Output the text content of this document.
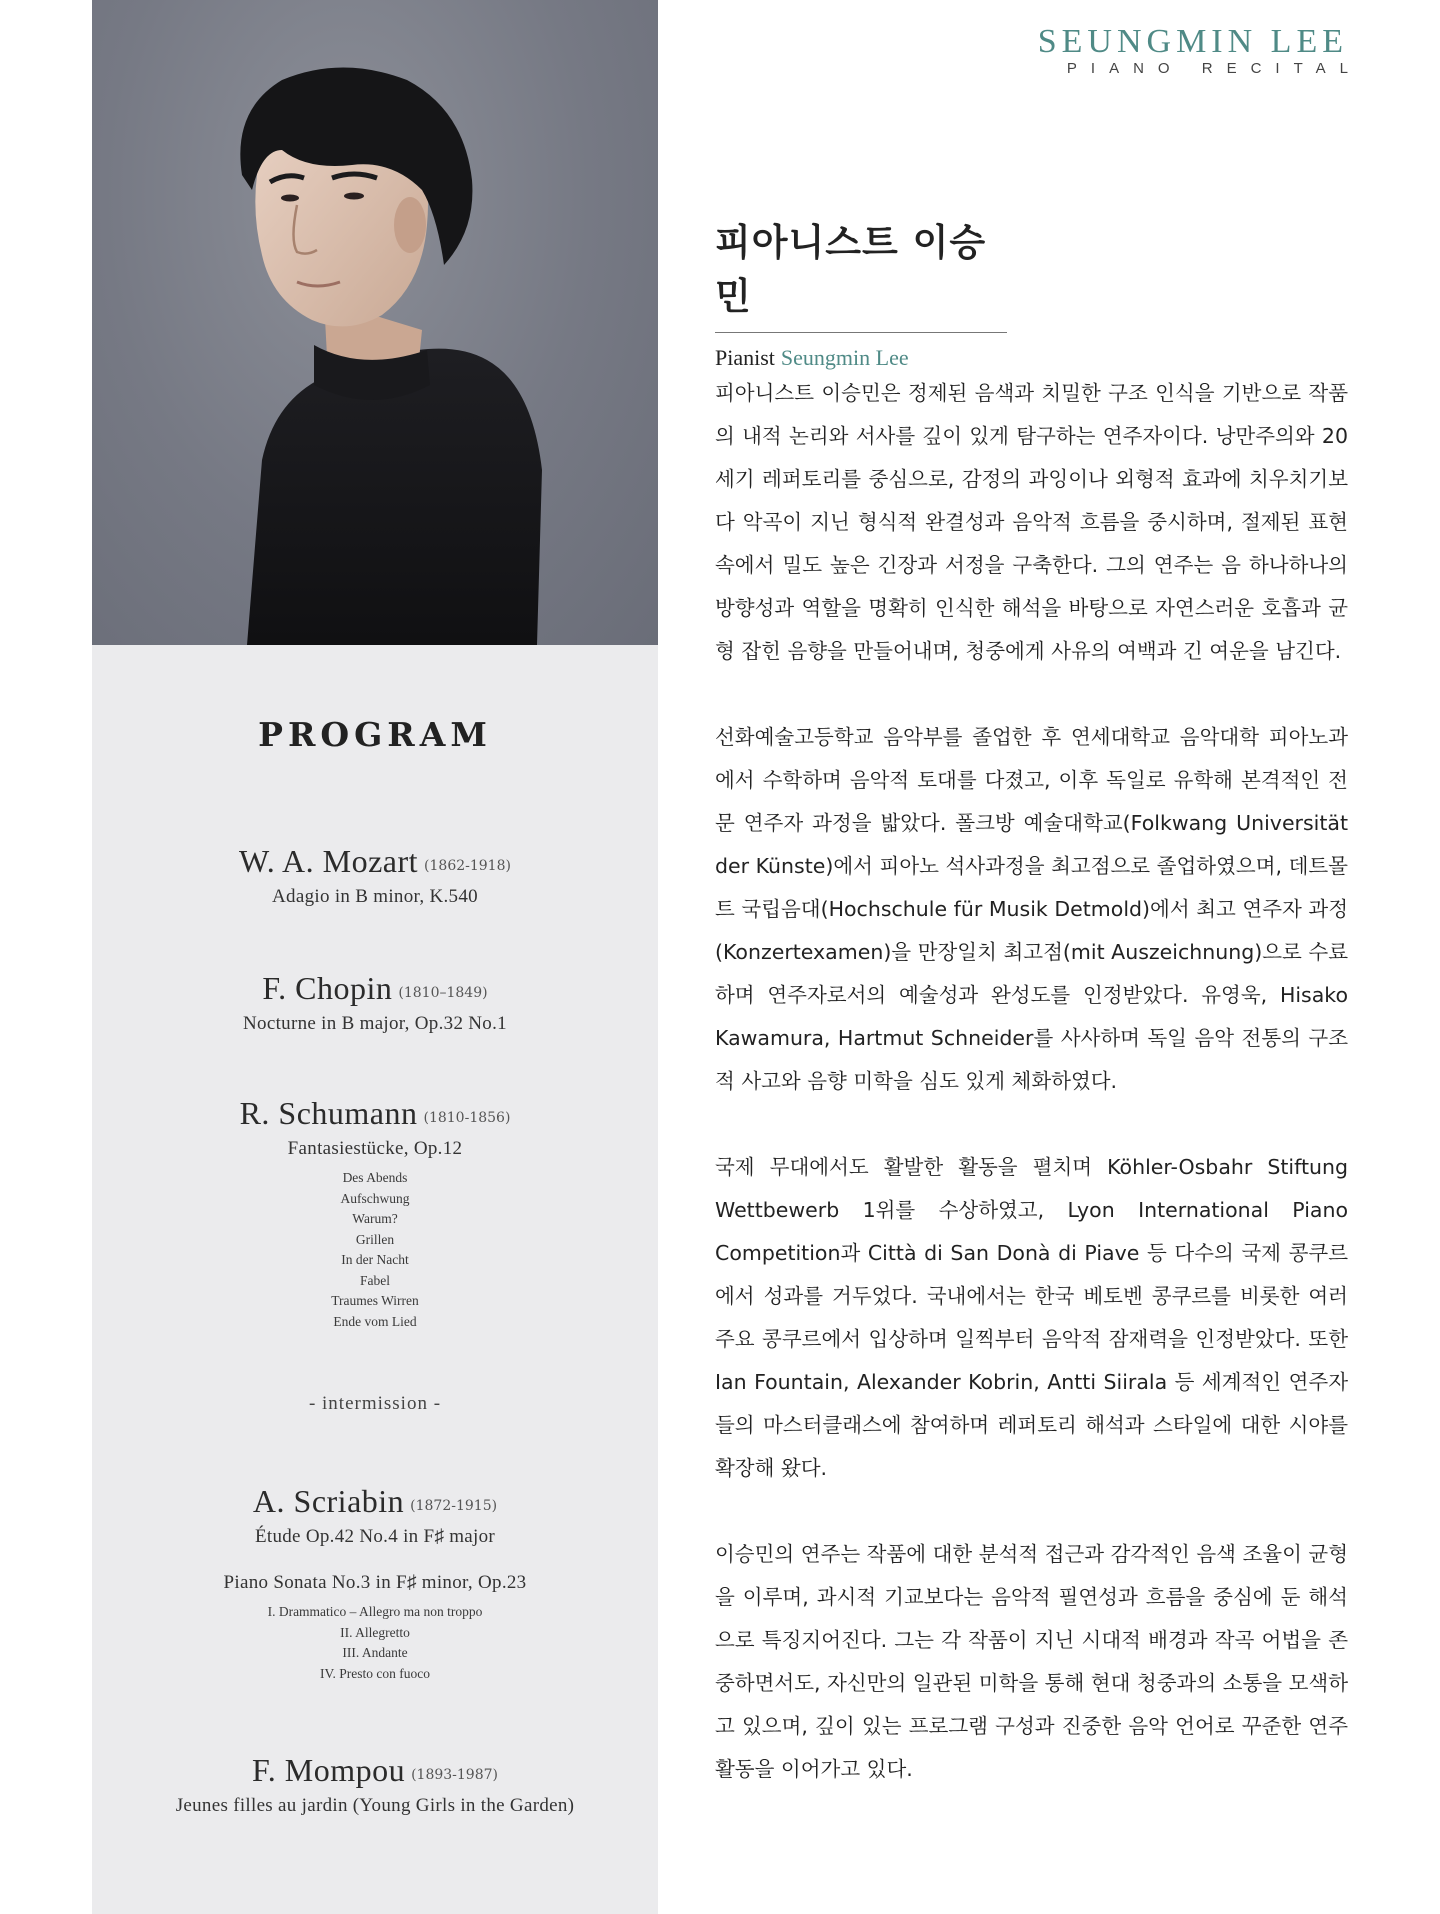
PROGRAM
W. A. Mozart (1862-1918)
Adagio in B minor, K.540
F. Chopin (1810–1849)
Nocturne in B major, Op.32 No.1
R. Schumann (1810-1856)
Fantasiestücke, Op.12
Des Abends
Aufschwung
Warum?
Grillen
In der Nacht
Fabel
Traumes Wirren
Ende vom Lied
- intermission -
A. Scriabin (1872-1915)
Étude Op.42 No.4 in F♯ major
Piano Sonata No.3 in F♯ minor, Op.23
I. Drammatico – Allegro ma non troppo
II. Allegretto
III. Andante
IV. Presto con fuoco
F. Mompou (1893-1987)
Jeunes filles au jardin (Young Girls in the Garden)
SEUNGMIN LEE
PIANO RECITAL
피아니스트 이승민
Pianist Seungmin Lee

피아니스트 이승민은 정제된 음색과 치밀한 구조 인식을 기반으로 작품의 내적 논리와 서사를 깊이 있게 탐구하는 연주자이다. 낭만주의와 20세기 레퍼토리를 중심으로, 감정의 과잉이나 외형적 효과에 치우치기보다 악곡이 지닌 형식적 완결성과 음악적 흐름을 중시하며, 절제된 표현 속에서 밀도 높은 긴장과 서정을 구축한다. 그의 연주는 음 하나하나의 방향성과 역할을 명확히 인식한 해석을 바탕으로 자연스러운 호흡과 균형 잡힌 음향을 만들어내며, 청중에게 사유의 여백과 긴 여운을 남긴다.

선화예술고등학교 음악부를 졸업한 후 연세대학교 음악대학 피아노과에서 수학하며 음악적 토대를 다졌고, 이후 독일로 유학해 본격적인 전문 연주자 과정을 밟았다. 폴크방 예술대학교(Folkwang Universität der Künste)에서 피아노 석사과정을 최고점으로 졸업하였으며, 데트몰트 국립음대(Hochschule für Musik Detmold)에서 최고 연주자 과정(Konzertexamen)을 만장일치 최고점(mit Auszeichnung)으로 수료하며 연주자로서의 예술성과 완성도를 인정받았다. 유영욱, Hisako Kawamura, Hartmut Schneider를 사사하며 독일 음악 전통의 구조적 사고와 음향 미학을 심도 있게 체화하였다.

국제 무대에서도 활발한 활동을 펼치며 Köhler-Osbahr Stiftung Wettbewerb 1위를 수상하였고, Lyon International Piano Competition과 Città di San Donà di Piave 등 다수의 국제 콩쿠르에서 성과를 거두었다. 국내에서는 한국 베토벤 콩쿠르를 비롯한 여러 주요 콩쿠르에서 입상하며 일찍부터 음악적 잠재력을 인정받았다. 또한 Ian Fountain, Alexander Kobrin, Antti Siirala 등 세계적인 연주자들의 마스터클래스에 참여하며 레퍼토리 해석과 스타일에 대한 시야를 확장해 왔다.

이승민의 연주는 작품에 대한 분석적 접근과 감각적인 음색 조율이 균형을 이루며, 과시적 기교보다는 음악적 필연성과 흐름을 중심에 둔 해석으로 특징지어진다. 그는 각 작품이 지닌 시대적 배경과 작곡 어법을 존중하면서도, 자신만의 일관된 미학을 통해 현대 청중과의 소통을 모색하고 있으며, 깊이 있는 프로그램 구성과 진중한 음악 언어로 꾸준한 연주 활동을 이어가고 있다.
